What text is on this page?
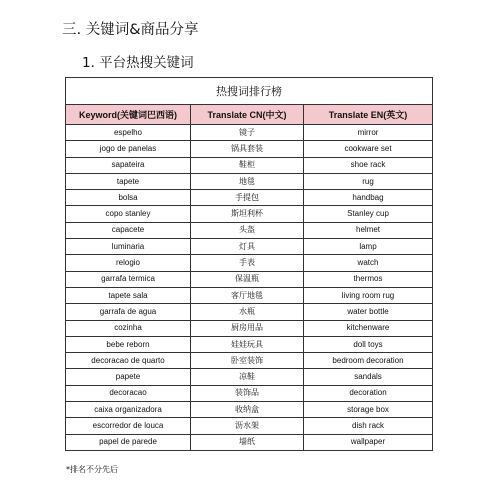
三. 关键词&商品分享
1. 平台热搜关键词
热搜词排行榜		
Keyword(关键词巴西语)	Translate CN(中文)	Translate EN(英文)
espelho	镜子	mirror
jogo de panelas	锅具套装	cookware set
sapateira	鞋柜	shoe rack
tapete	地毯	rug
bolsa	手提包	handbag
copo stanley	斯坦利杯	Stanley cup
capacete	头盔	helmet
luminaria	灯具	lamp
relogio	手表	watch
garrafa termica	保温瓶	thermos
tapete sala	客厅地毯	living room rug
garrafa de agua	水瓶	water bottle
cozinha	厨房用品	kitchenware
bebe reborn	娃娃玩具	doll toys
decoracao de quarto	卧室装饰	bedroom decoration
papete	凉鞋	sandals
decoracao	装饰品	decoration
caixa organizadora	收纳盒	storage box
escorredor de louca	沥水架	dish rack
papel de parede	墙纸	wallpaper
*排名不分先后
